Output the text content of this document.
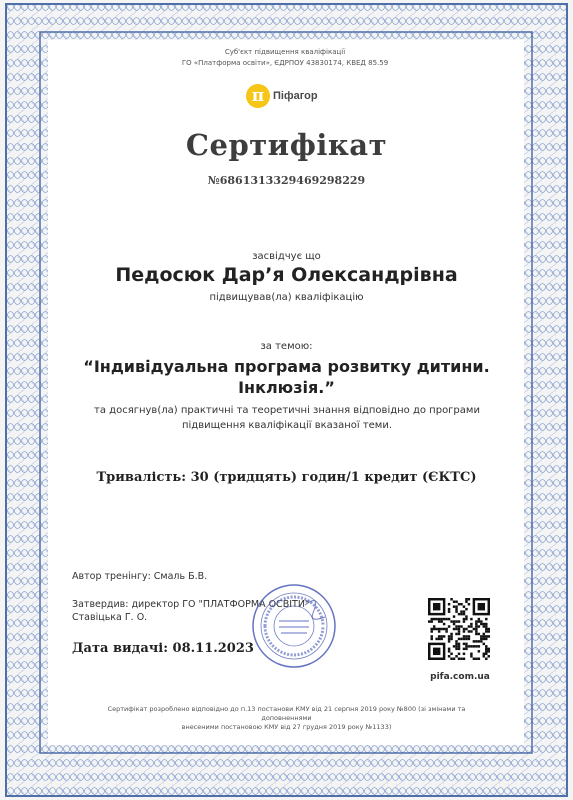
Суб'єкт підвищення кваліфікації
ГО «Платформа освіти», ЄДРПОУ 43830174, КВЕД 85.59
π Піфагор
Сертифікат
№6861313329469298229
засвідчує що
Педосюк Дар’я Олександрівна
підвищував(ла) кваліфікацію
за темою:
“Індивідуальна програма розвитку дитини.
Інклюзія.”
та досягнув(ла) практичні та теоретичні знання відповідно до програми
підвищення кваліфікації вказаної теми.
Тривалість: 30 (тридцять) годин/1 кредит (ЄКТС)
Автор тренінгу: Смаль Б.В.
Затвердив: директор ГО "ПЛАТФОРМА ОСВІТИ"
Ставіцька Г. О.
Дата видачі: 08.11.2023
pifa.com.ua
Сертифікат розроблено відповідно до п.13 постанови КМУ від 21 серпня 2019 року №800 (зі змінами та доповненнями
внесеними постановою КМУ від 27 грудня 2019 року №1133)
